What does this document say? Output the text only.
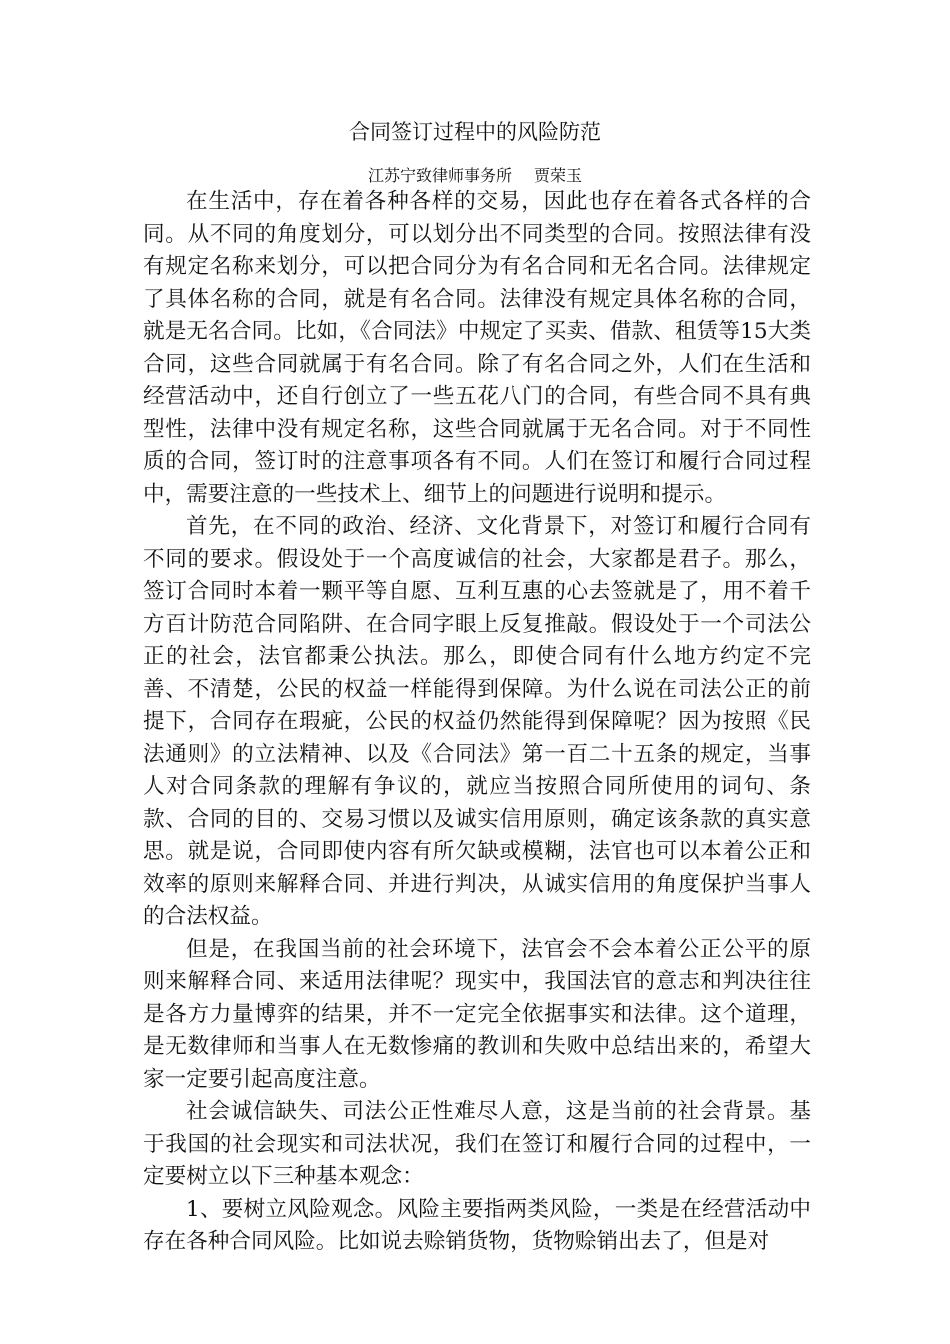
合同签订过程中的风险防范
江苏宁致律师事务所 贾荣玉

在生活中，存在着各种各样的交易，因此也存在着各式各样的合同。从不同的角度划分，可以划分出不同类型的合同。按照法律有没有规定名称来划分，可以把合同分为有名合同和无名合同。法律规定了具体名称的合同，就是有名合同。法律没有规定具体名称的合同，就是无名合同。比如，《合同法》中规定了买卖、借款、租赁等15大类合同，这些合同就属于有名合同。除了有名合同之外，人们在生活和经营活动中，还自行创立了一些五花八门的合同，有些合同不具有典型性，法律中没有规定名称，这些合同就属于无名合同。对于不同性质的合同，签订时的注意事项各有不同。人们在签订和履行合同过程中，需要注意的一些技术上、细节上的问题进行说明和提示。

首先，在不同的政治、经济、文化背景下，对签订和履行合同有不同的要求。假设处于一个高度诚信的社会，大家都是君子。那么，签订合同时本着一颗平等自愿、互利互惠的心去签就是了，用不着千方百计防范合同陷阱、在合同字眼上反复推敲。假设处于一个司法公正的社会，法官都秉公执法。那么，即使合同有什么地方约定不完善、不清楚，公民的权益一样能得到保障。为什么说在司法公正的前提下，合同存在瑕疵，公民的权益仍然能得到保障呢？因为按照《民法通则》的立法精神、以及《合同法》第一百二十五条的规定，当事人对合同条款的理解有争议的，就应当按照合同所使用的词句、条款、合同的目的、交易习惯以及诚实信用原则，确定该条款的真实意思。就是说，合同即使内容有所欠缺或模糊，法官也可以本着公正和效率的原则来解释合同、并进行判决，从诚实信用的角度保护当事人的合法权益。

但是，在我国当前的社会环境下，法官会不会本着公正公平的原则来解释合同、来适用法律呢？现实中，我国法官的意志和判决往往是各方力量博弈的结果，并不一定完全依据事实和法律。这个道理，是无数律师和当事人在无数惨痛的教训和失败中总结出来的，希望大家一定要引起高度注意。

社会诚信缺失、司法公正性难尽人意，这是当前的社会背景。基于我国的社会现实和司法状况，我们在签订和履行合同的过程中，一定要树立以下三种基本观念：

1、要树立风险观念。风险主要指两类风险，一类是在经营活动中存在各种合同风险。比如说去赊销货物，货物赊销出去了，但是对
